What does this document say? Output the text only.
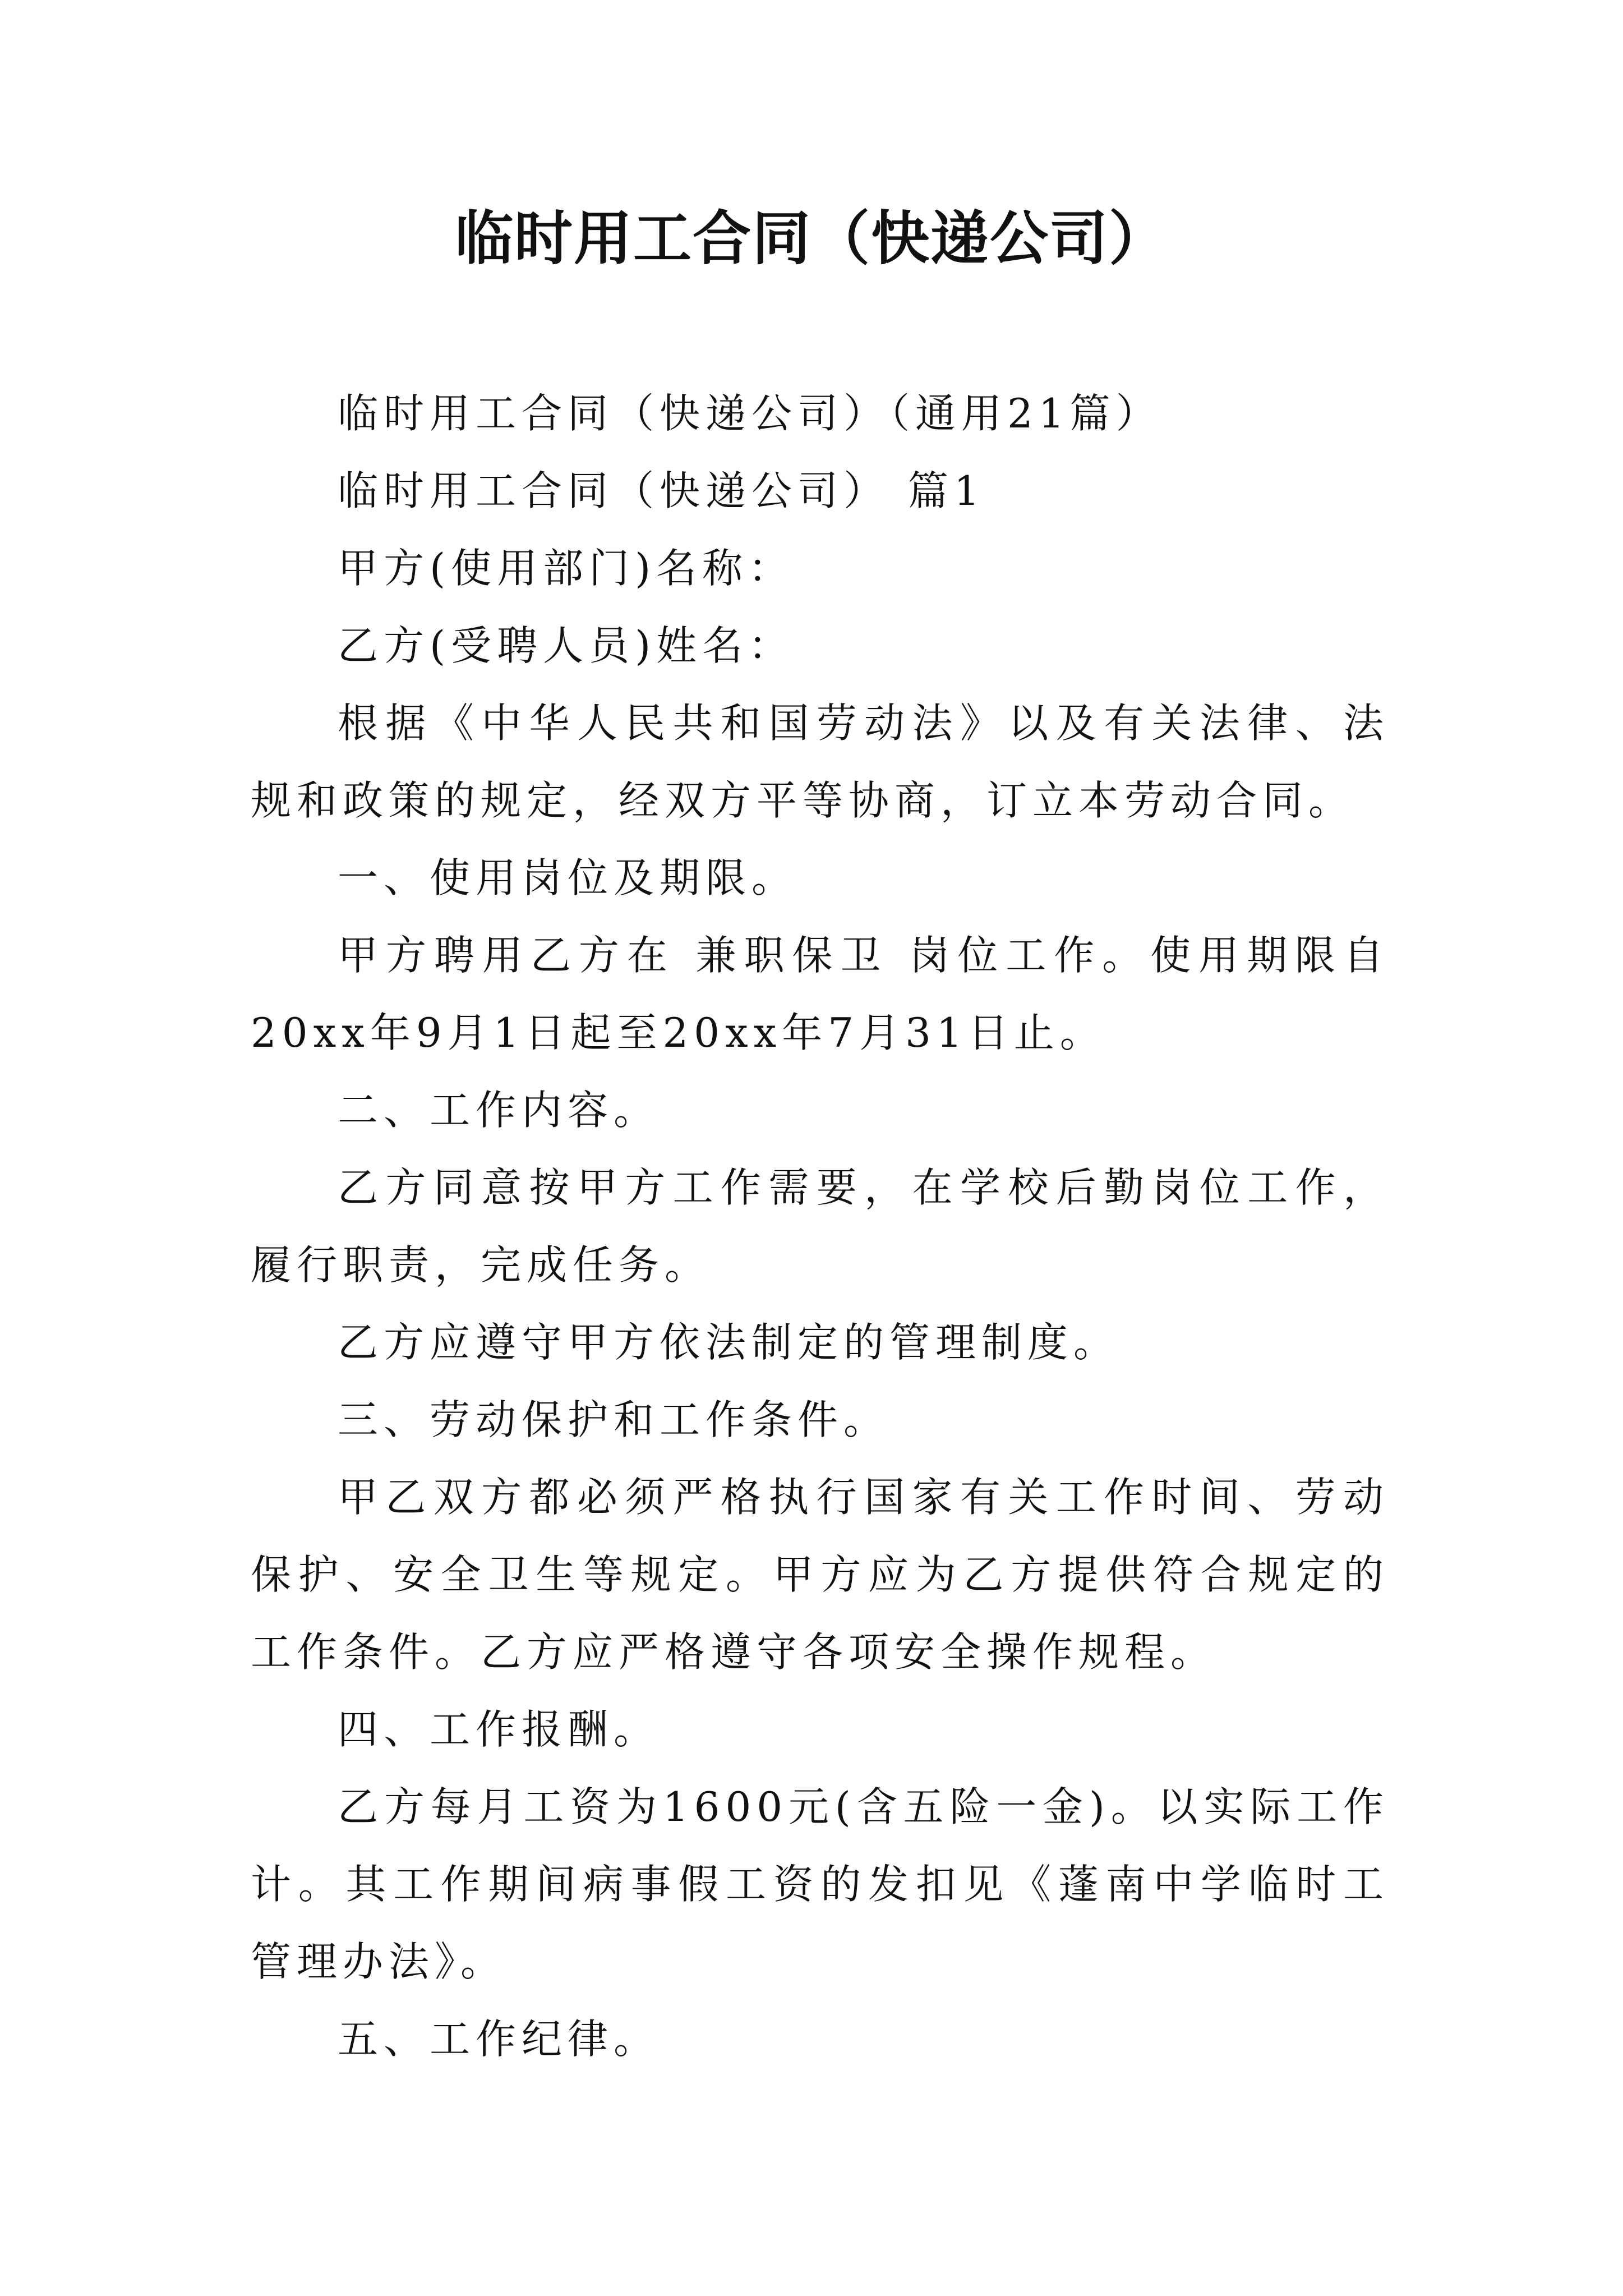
临时用工合同（快递公司）

临时用工合同（快递公司）（通用21篇）

临时用工合同（快递公司） 篇1

甲方(使用部门)名称：

乙方(受聘人员)姓名：

根据《中华人民共和国劳动法》以及有关法律、法规和政策的规定，经双方平等协商，订立本劳动合同。

一、使用岗位及期限。

甲方聘用乙方在 兼职保卫 岗位工作。使用期限自20xx年9月1日起至20xx年7月31日止。

二、工作内容。

乙方同意按甲方工作需要，在学校后勤岗位工作，履行职责，完成任务。

乙方应遵守甲方依法制定的管理制度。

三、劳动保护和工作条件。

甲乙双方都必须严格执行国家有关工作时间、劳动保护、安全卫生等规定。甲方应为乙方提供符合规定的工作条件。乙方应严格遵守各项安全操作规程。

四、工作报酬。

乙方每月工资为1600元(含五险一金)。以实际工作计。其工作期间病事假工资的发扣见《蓬南中学临时工管理办法》。

五、工作纪律。
